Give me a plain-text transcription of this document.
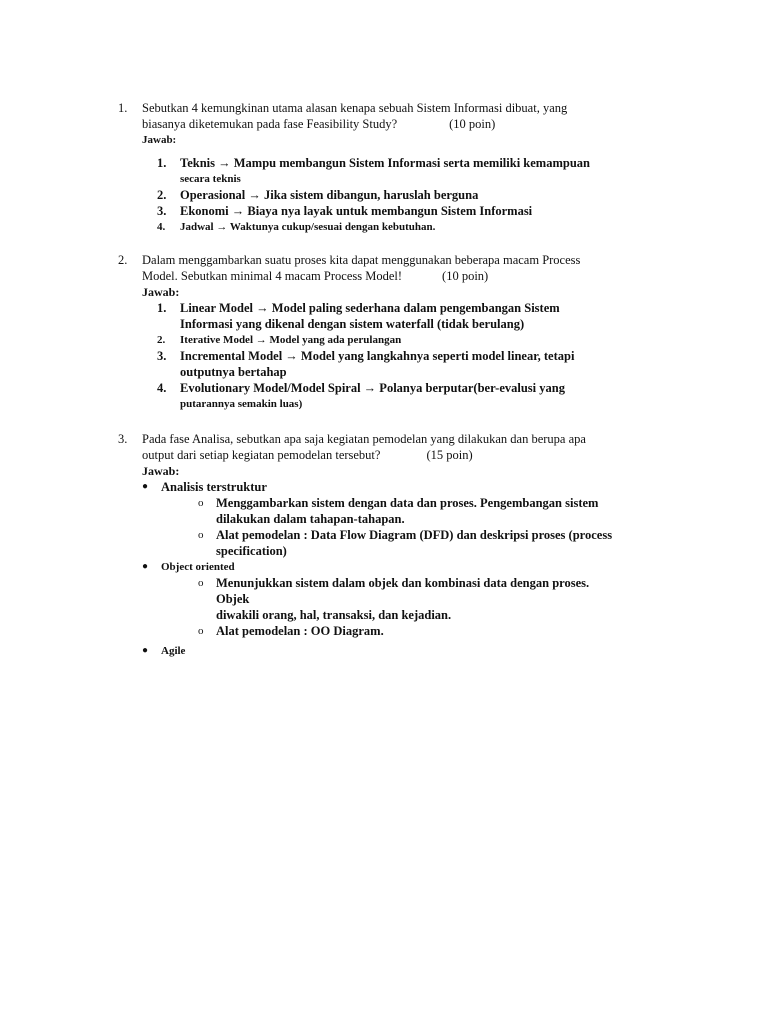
1. Sebutkan 4 kemungkinan utama alasan kenapa sebuah Sistem Informasi dibuat, yang
biasanya diketemukan pada fase Feasibility Study?	(10 poin)
Jawab:
1. Teknis → Mampu membangun Sistem Informasi serta memiliki kemampuan
secara teknis
2. Operasional → Jika sistem dibangun, haruslah berguna
3. Ekonomi → Biaya nya layak untuk membangun Sistem Informasi
4. Jadwal → Waktunya cukup/sesuai dengan kebutuhan.
2. Dalam menggambarkan suatu proses kita dapat menggunakan beberapa macam Process
Model. Sebutkan minimal 4 macam Process Model!	(10 poin)
Jawab:
1. Linear Model → Model paling sederhana dalam pengembangan Sistem
Informasi yang dikenal dengan sistem waterfall (tidak berulang)
2. Iterative Model → Model yang ada perulangan
3. Incremental Model → Model yang langkahnya seperti model linear, tetapi
outputnya bertahap
4. Evolutionary Model/Model Spiral → Polanya berputar(ber-evalusi yang
putarannya semakin luas)
3. Pada fase Analisa, sebutkan apa saja kegiatan pemodelan yang dilakukan dan berupa apa
output dari setiap kegiatan pemodelan tersebut?	(15 poin)
Jawab:
● Analisis terstruktur
o Menggambarkan sistem dengan data dan proses. Pengembangan sistem
dilakukan dalam tahapan-tahapan.
o Alat pemodelan : Data Flow Diagram (DFD) dan deskripsi proses (process
specification)
● Object oriented
o Menunjukkan sistem dalam objek dan kombinasi data dengan proses. Objek
diwakili orang, hal, transaksi, dan kejadian.
o Alat pemodelan : OO Diagram.
● Agile
